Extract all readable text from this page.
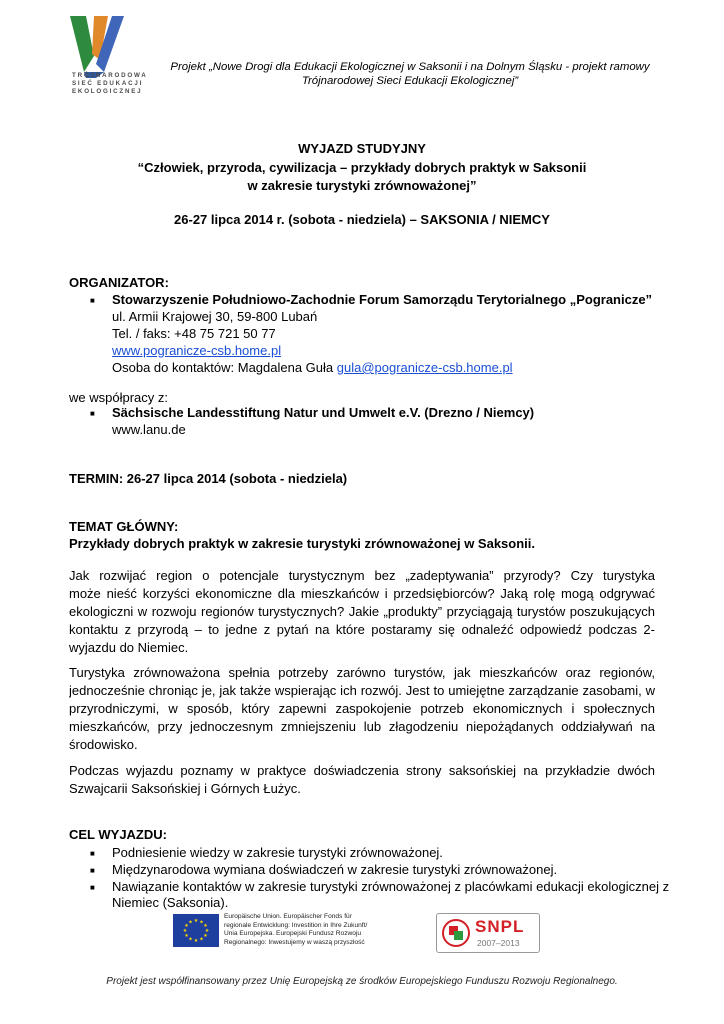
TRÓJNARODOWA
SIEĆ EDUKACJI
EKOLOGICZNEJ
Projekt „Nowe Drogi dla Edukacji Ekologicznej w Saksonii i na Dolnym Śląsku - projekt ramowy
Trójnarodowej Sieci Edukacji Ekologicznej”
WYJAZD STUDYJNY
“Człowiek, przyroda, cywilizacja – przykłady dobrych praktyk w Saksonii
w zakresie turystyki zrównoważonej”
26-27 lipca 2014 r. (sobota - niedziela) – SAKSONIA / NIEMCY
ORGANIZATOR:
■ Stowarzyszenie Południowo-Zachodnie Forum Samorządu Terytorialnego „Pogranicze”
ul. Armii Krajowej 30, 59-800 Lubań
Tel. / faks: +48 75 721 50 77
www.pogranicze-csb.home.pl
Osoba do kontaktów: Magdalena Guła gula@pogranicze-csb.home.pl
we współpracy z:
■ Sächsische Landesstiftung Natur und Umwelt e.V. (Drezno / Niemcy)
www.lanu.de
TERMIN: 26-27 lipca 2014 (sobota - niedziela)
TEMAT GŁÓWNY:
Przykłady dobrych praktyk w zakresie turystyki zrównoważonej w Saksonii.
Jak rozwijać region o potencjale turystycznym bez „zadeptywania” przyrody? Czy turystyka
może nieść korzyści ekonomiczne dla mieszkańców i przedsiębiorców? Jaką rolę mogą odgrywać
ekologiczni w rozwoju regionów turystycznych? Jakie „produkty” przyciągają turystów poszukujących
kontaktu z przyrodą – to jedne z pytań na które postaramy się odnaleźć odpowiedź podczas 2-
wyjazdu do Niemiec.
Turystyka zrównoważona spełnia potrzeby zarówno turystów, jak mieszkańców oraz regionów,
jednocześnie chroniąc je, jak także wspierając ich rozwój. Jest to umiejętne zarządzanie zasobami, w
przyrodniczymi, w sposób, który zapewni zaspokojenie potrzeb ekonomicznych i społecznych
mieszkańców, przy jednoczesnym zmniejszeniu lub złagodzeniu niepożądanych oddziaływań na
środowisko.
Podczas wyjazdu poznamy w praktyce doświadczenia strony saksońskiej na przykładzie dwóch
Szwajcarii Saksońskiej i Górnych Łużyc.
CEL WYJAZDU:
■ Podniesienie wiedzy w zakresie turystyki zrównoważonej.
■ Międzynarodowa wymiana doświadczeń w zakresie turystyki zrównoważonej.
■ Nawiązanie kontaktów w zakresie turystyki zrównoważonej z placówkami edukacji ekologicznej z
Niemiec (Saksonia).
★ ★
★
★
★
★
★
★
★
★
★
★
Europäische Union. Europäischer Fonds für
regionale Entwicklung: Investition in Ihre Zukunft/
Unia Europejska. Europejski Fundusz Rozwoju
Regionalnego: Inwestujemy w waszą przyszłość
SNPL
2007–2013
Projekt jest współfinansowany przez Unię Europejską ze środków Europejskiego Funduszu Rozwoju Regionalnego.
